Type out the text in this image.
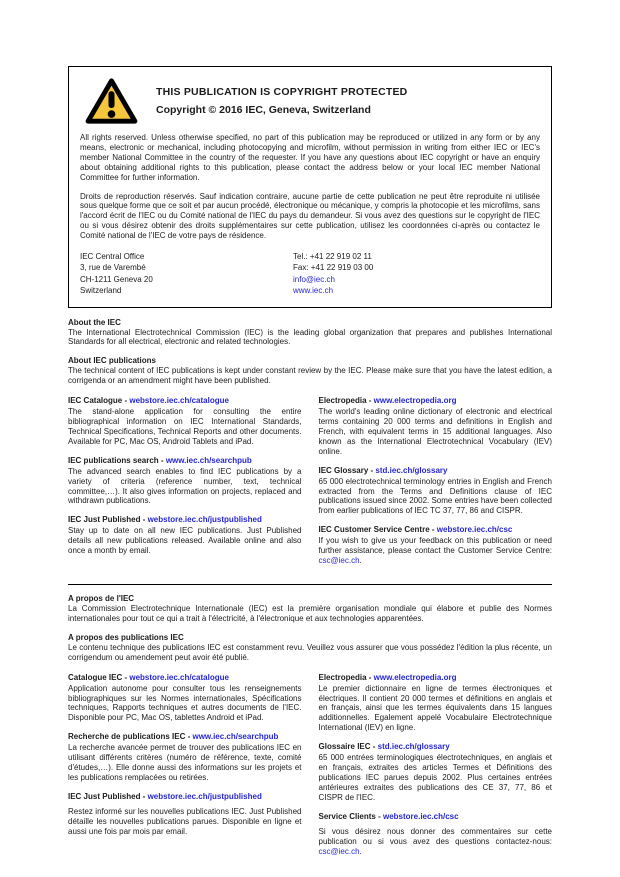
THIS PUBLICATION IS COPYRIGHT PROTECTED
Copyright © 2016 IEC, Geneva, Switzerland

All rights reserved. Unless otherwise specified, no part of this publication may be reproduced or utilized in any form or by any means, electronic or mechanical, including photocopying and microfilm, without permission in writing from either IEC or IEC's member National Committee in the country of the requester. If you have any questions about IEC copyright or have an enquiry about obtaining additional rights to this publication, please contact the address below or your local IEC member National Committee for further information.

Droits de reproduction réservés. Sauf indication contraire, aucune partie de cette publication ne peut être reproduite ni utilisée sous quelque forme que ce soit et par aucun procédé, électronique ou mécanique, y compris la photocopie et les microfilms, sans l'accord écrit de l'IEC ou du Comité national de l'IEC du pays du demandeur. Si vous avez des questions sur le copyright de l'IEC ou si vous désirez obtenir des droits supplémentaires sur cette publication, utilisez les coordonnées ci-après ou contactez le Comité national de l'IEC de votre pays de résidence.

IEC Central Office
3, rue de Varembé
CH-1211 Geneva 20
Switzerland
Tel.: +41 22 919 02 11
Fax: +41 22 919 03 00
info@iec.ch
www.iec.ch
About the IEC

The International Electrotechnical Commission (IEC) is the leading global organization that prepares and publishes International Standards for all electrical, electronic and related technologies.

About IEC publications

The technical content of IEC publications is kept under constant review by the IEC. Please make sure that you have the latest edition, a corrigenda or an amendment might have been published.

IEC Catalogue - webstore.iec.ch/catalogue

The stand-alone application for consulting the entire bibliographical information on IEC International Standards, Technical Specifications, Technical Reports and other documents. Available for PC, Mac OS, Android Tablets and iPad.

IEC publications search - www.iec.ch/searchpub

The advanced search enables to find IEC publications by a variety of criteria (reference number, text, technical committee,…). It also gives information on projects, replaced and withdrawn publications.

IEC Just Published - webstore.iec.ch/justpublished

Stay up to date on all new IEC publications. Just Published details all new publications released. Available online and also once a month by email.

Electropedia - www.electropedia.org

The world's leading online dictionary of electronic and electrical terms containing 20 000 terms and definitions in English and French, with equivalent terms in 15 additional languages. Also known as the International Electrotechnical Vocabulary (IEV) online.

IEC Glossary - std.iec.ch/glossary

65 000 electrotechnical terminology entries in English and French extracted from the Terms and Definitions clause of IEC publications issued since 2002. Some entries have been collected from earlier publications of IEC TC 37, 77, 86 and CISPR.

IEC Customer Service Centre - webstore.iec.ch/csc

If you wish to give us your feedback on this publication or need further assistance, please contact the Customer Service Centre: csc@iec.ch.

A propos de l'IEC

La Commission Electrotechnique Internationale (IEC) est la première organisation mondiale qui élabore et publie des Normes internationales pour tout ce qui a trait à l'électricité, à l'électronique et aux technologies apparentées.

A propos des publications IEC

Le contenu technique des publications IEC est constamment revu. Veuillez vous assurer que vous possédez l'édition la plus récente, un corrigendum ou amendement peut avoir été publié.

Catalogue IEC - webstore.iec.ch/catalogue

Application autonome pour consulter tous les renseignements bibliographiques sur les Normes internationales, Spécifications techniques, Rapports techniques et autres documents de l'IEC. Disponible pour PC, Mac OS, tablettes Android et iPad.

Recherche de publications IEC - www.iec.ch/searchpub

La recherche avancée permet de trouver des publications IEC en utilisant différents critères (numéro de référence, texte, comité d'études,…). Elle donne aussi des informations sur les projets et les publications remplacées ou retirées.

IEC Just Published - webstore.iec.ch/justpublished

Restez informé sur les nouvelles publications IEC. Just Published détaille les nouvelles publications parues. Disponible en ligne et aussi une fois par mois par email.

Electropedia - www.electropedia.org

Le premier dictionnaire en ligne de termes électroniques et électriques. Il contient 20 000 termes et définitions en anglais et en français, ainsi que les termes équivalents dans 15 langues additionnelles. Egalement appelé Vocabulaire Electrotechnique International (IEV) en ligne.

Glossaire IEC - std.iec.ch/glossary

65 000 entrées terminologiques électrotechniques, en anglais et en français, extraites des articles Termes et Définitions des publications IEC parues depuis 2002. Plus certaines entrées antérieures extraites des publications des CE 37, 77, 86 et CISPR de l'IEC.

Service Clients - webstore.iec.ch/csc

Si vous désirez nous donner des commentaires sur cette publication ou si vous avez des questions contactez-nous: csc@iec.ch.
